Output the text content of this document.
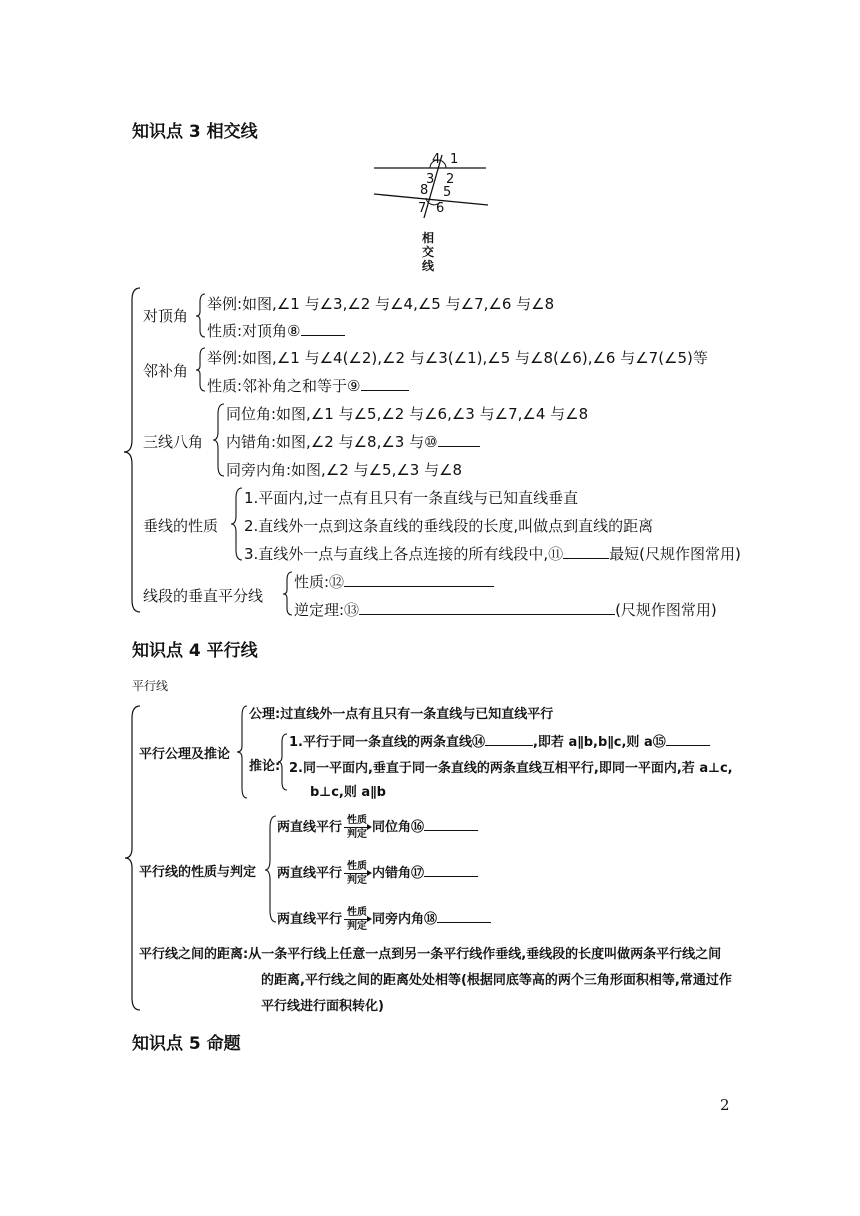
知识点 3 相交线
4 1
3 2
8 5
7 6
相
交
线
对顶角
举例:如图,∠1 与∠3,∠2 与∠4,∠5 与∠7,∠6 与∠8
性质:对顶角⑧
邻补角
举例:如图,∠1 与∠4(∠2),∠2 与∠3(∠1),∠5 与∠8(∠6),∠6 与∠7(∠5)等
性质:邻补角之和等于⑨
三线八角
同位角:如图,∠1 与∠5,∠2 与∠6,∠3 与∠7,∠4 与∠8
内错角:如图,∠2 与∠8,∠3 与⑩
同旁内角:如图,∠2 与∠5,∠3 与∠8
垂线的性质
1.平面内,过一点有且只有一条直线与已知直线垂直
2.直线外一点到这条直线的垂线段的长度,叫做点到直线的距离
3.直线外一点与直线上各点连接的所有线段中,⑪	最短(尺规作图常用)
线段的垂直平分线
性质:⑫
逆定理:⑬	(尺规作图常用)
知识点 4 平行线
平行线
平行公理及推论
公理:过直线外一点有且只有一条直线与已知直线平行
推论:
1.平行于同一条直线的两条直线⑭	,即若 a∥b,b∥c,则 a⑮
2.同一平面内,垂直于同一条直线的两条直线互相平行,即同一平面内,若 a⊥c,
b⊥c,则 a∥b
平行线的性质与判定
两直线平行 $\frac{\text{性质}}{\text{判定}}$ 同位角⑯
两直线平行 $\frac{\text{性质}}{\text{判定}}$ 内错角⑰
两直线平行 $\frac{\text{性质}}{\text{判定}}$ 同旁内角⑱
平行线之间的距离:从一条平行线上任意一点到另一条平行线作垂线,垂线段的长度叫做两条平行线之间
的距离,平行线之间的距离处处相等(根据同底等高的两个三角形面积相等,常通过作
平行线进行面积转化)
知识点 5 命题
2
